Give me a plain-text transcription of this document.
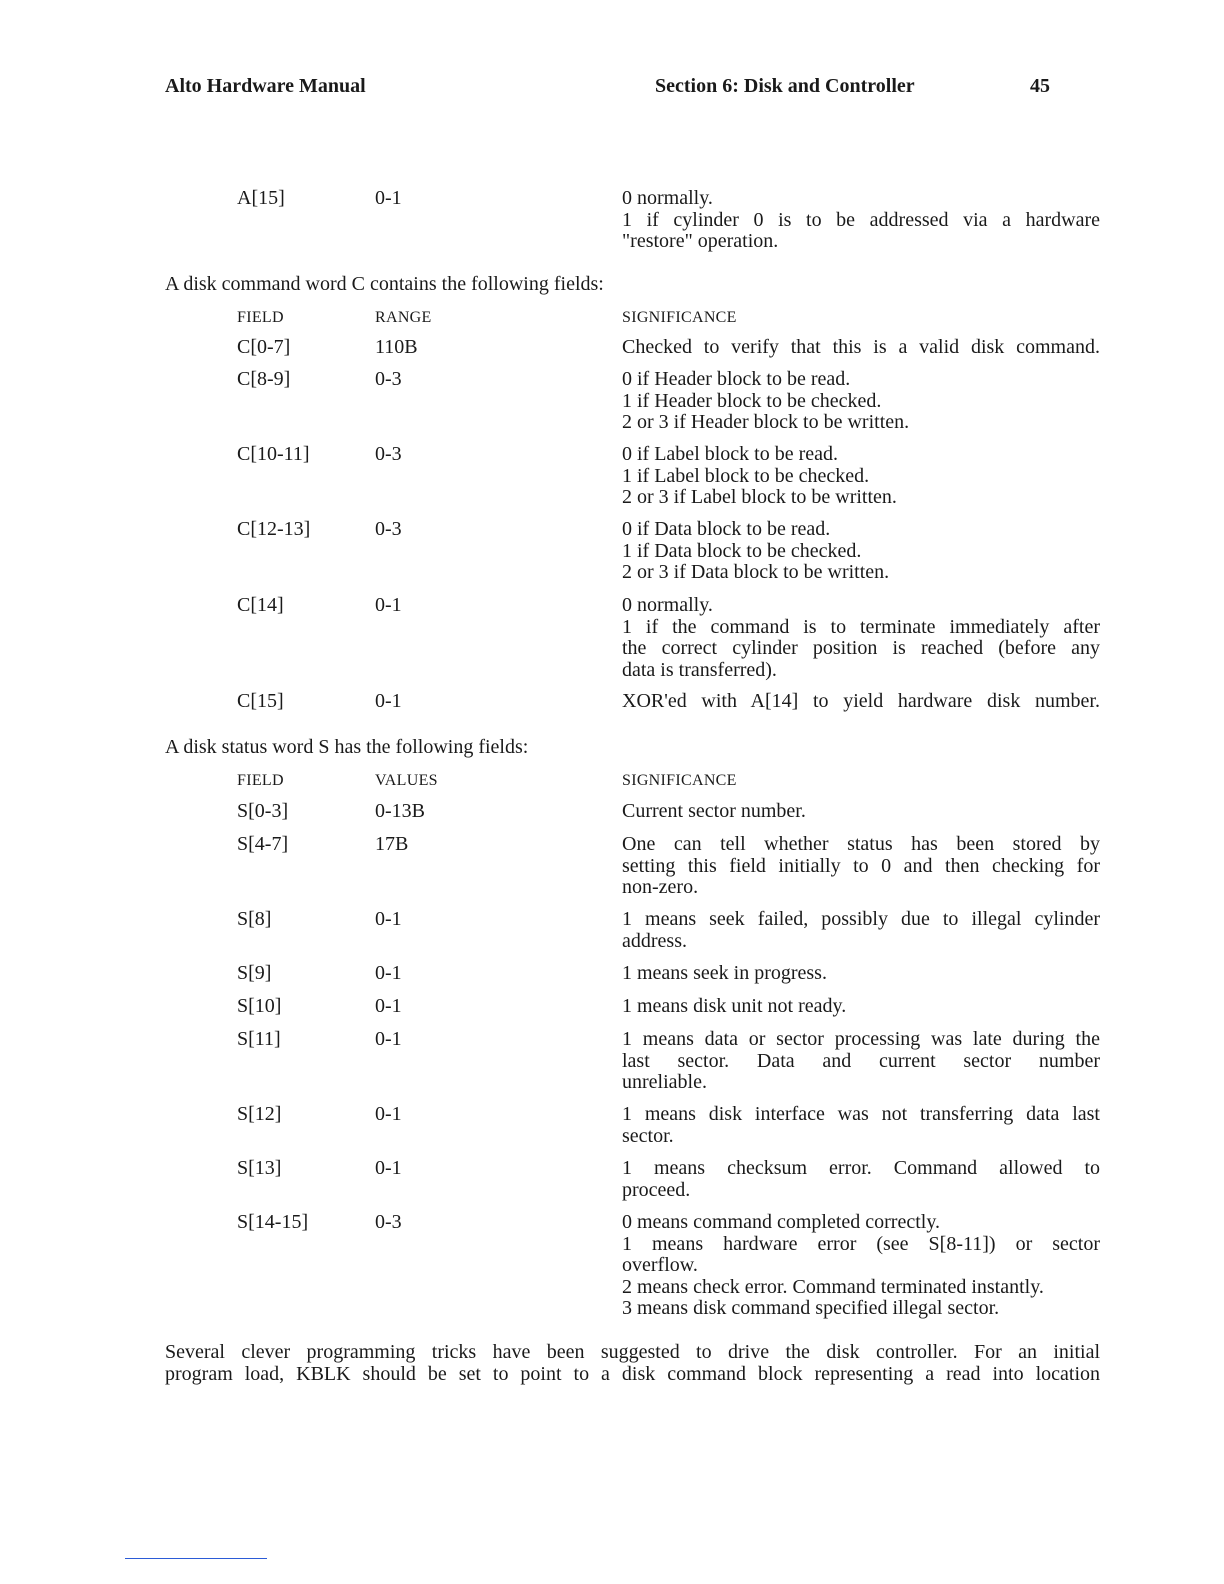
Alto Hardware Manual	Section 6: Disk and Controller	45
A[15]	0-1	0 normally.
1 if cylinder 0 is to be addressed via a hardware
"restore" operation.
A disk command word C contains the following fields:
FIELD	RANGE	SIGNIFICANCE
C[0-7]	110B	Checked to verify that this is a valid disk command.
C[8-9]	0-3	0 if Header block to be read.
1 if Header block to be checked.
2 or 3 if Header block to be written.
C[10-11]	0-3	0 if Label block to be read.
1 if Label block to be checked.
2 or 3 if Label block to be written.
C[12-13]	0-3	0 if Data block to be read.
1 if Data block to be checked.
2 or 3 if Data block to be written.
C[14]	0-1	0 normally.
1 if the command is to terminate immediately after
the correct cylinder position is reached (before any
data is transferred).
C[15]	0-1	XOR'ed with A[14] to yield hardware disk number.
A disk status word S has the following fields:
FIELD	VALUES	SIGNIFICANCE
S[0-3]	0-13B	Current sector number.
S[4-7]	17B	One can tell whether status has been stored by
setting this field initially to 0 and then checking for
non-zero.
S[8]	0-1	1 means seek failed, possibly due to illegal cylinder
address.
S[9]	0-1	1 means seek in progress.
S[10]	0-1	1 means disk unit not ready.
S[11]	0-1	1 means data or sector processing was late during the
last sector. Data and current sector number
unreliable.
S[12]	0-1	1 means disk interface was not transferring data last
sector.
S[13]	0-1	1 means checksum error. Command allowed to
proceed.
S[14-15]	0-3	0 means command completed correctly.
1 means hardware error (see S[8-11]) or sector
overflow.
2 means check error. Command terminated instantly.
3 means disk command specified illegal sector.
Several clever programming tricks have been suggested to drive the disk controller. For an initial
program load, KBLK should be set to point to a disk command block representing a read into location
